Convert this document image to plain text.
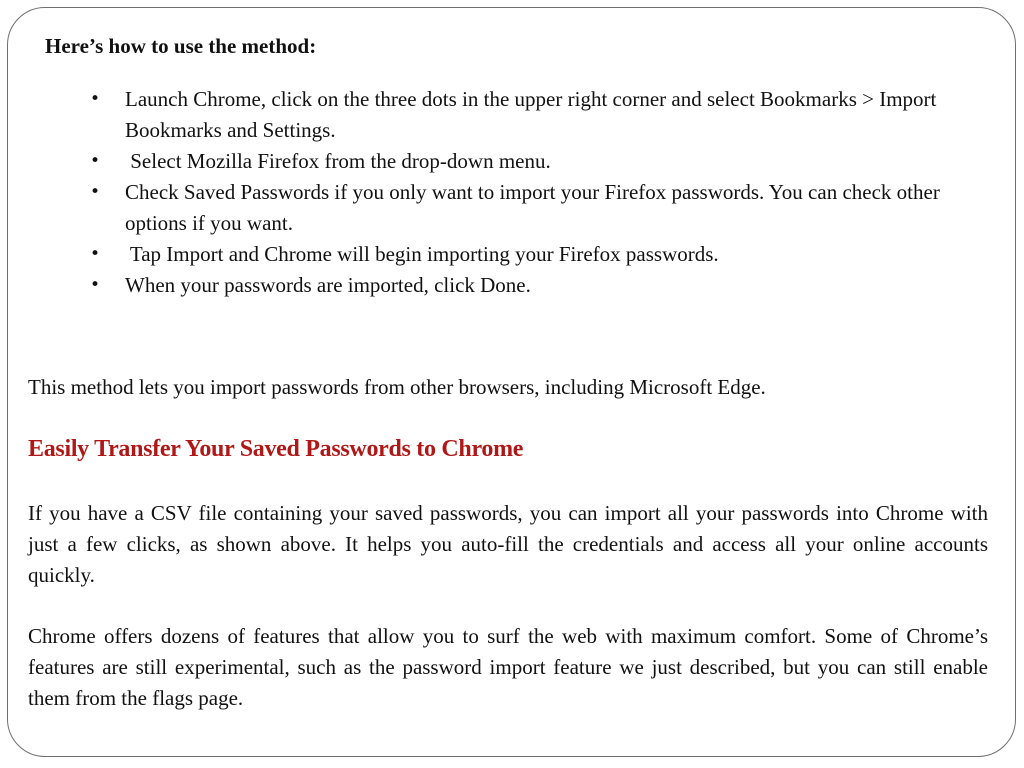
Here’s how to use the method:
• Launch Chrome, click on the three dots in the upper right corner and select Bookmarks > Import Bookmarks and Settings.
• Select Mozilla Firefox from the drop-down menu.
• Check Saved Passwords if you only want to import your Firefox passwords. You can check other options if you want.
• Tap Import and Chrome will begin importing your Firefox passwords.
• When your passwords are imported, click Done.

This method lets you import passwords from other browsers, including Microsoft Edge.

Easily Transfer Your Saved Passwords to Chrome

If you have a CSV file containing your saved passwords, you can import all your passwords into Chrome with just a few clicks, as shown above. It helps you auto-fill the credentials and access all your online accounts quickly.

Chrome offers dozens of features that allow you to surf the web with maximum comfort. Some of Chrome’s features are still experimental, such as the password import feature we just described, but you can still enable them from the flags page.
